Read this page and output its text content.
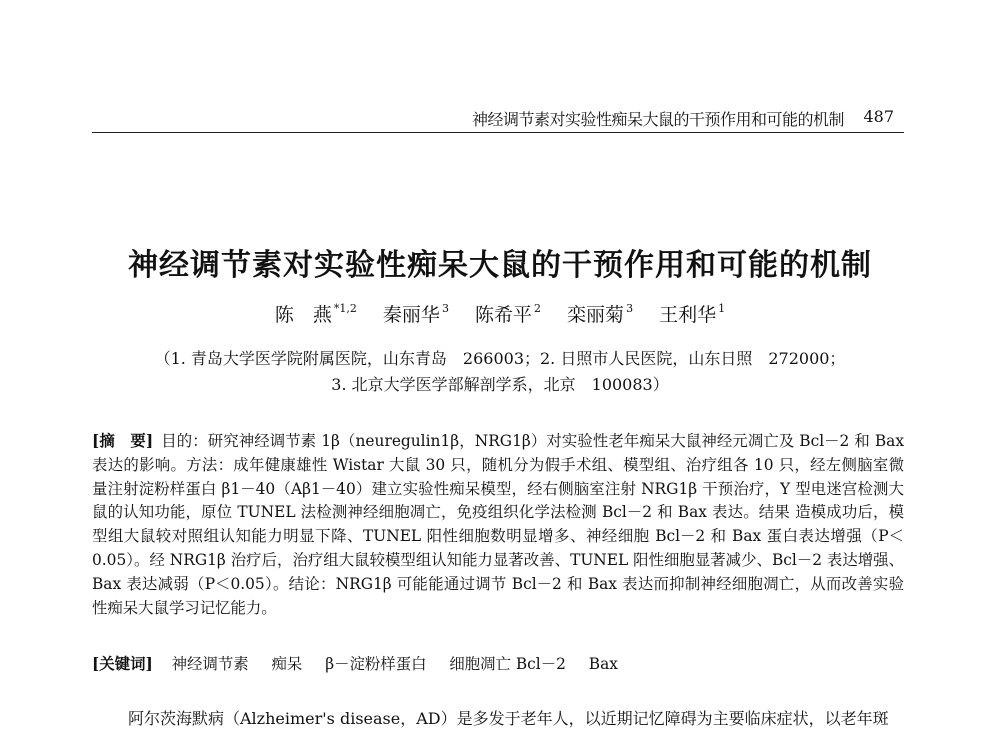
神经调节素对实验性痴呆大鼠的干预作用和可能的机制 487
神经调节素对实验性痴呆大鼠的干预作用和可能的机制
陈　燕 $^{*1,2}$ 秦丽华 $^3$ 陈希平 $^2$ 栾丽菊 $^3$ 王利华 $^1$
（1. 青岛大学医学院附属医院，山东青岛　266003；2. 日照市人民医院，山东日照　272000；
3. 北京大学医学部解剖学系，北京　100083）
[摘　要] 目的：研究神经调节素 1β（neuregulin1β，NRG1β）对实验性老年痴呆大鼠神经元凋亡及 Bcl－2 和 Bax 表达的影响。方法：成年健康雄性 Wistar 大鼠 30 只，随机分为假手术组、模型组、治疗组各 10 只，经左侧脑室微量注射淀粉样蛋白 β1－40（Aβ1－40）建立实验性痴呆模型，经右侧脑室注射 NRG1β 干预治疗，Y 型电迷宫检测大鼠的认知功能，原位 TUNEL 法检测神经细胞凋亡，免疫组织化学法检测 Bcl－2 和 Bax 表达。结果 造模成功后，模型组大鼠较对照组认知能力明显下降、TUNEL 阳性细胞数明显增多、神经细胞 Bcl－2 和 Bax 蛋白表达增强（P＜0.05）。经 NRG1β 治疗后，治疗组大鼠较模型组认知能力显著改善、TUNEL 阳性细胞显著减少、Bcl－2 表达增强、Bax 表达减弱（P＜0.05）。结论：NRG1β 可能能通过调节 Bcl－2 和 Bax 表达而抑制神经细胞凋亡，从而改善实验性痴呆大鼠学习记忆能力。
[关键词] 神经调节素 痴呆 β－淀粉样蛋白 细胞凋亡 Bcl－2 Bax
阿尔茨海默病（Alzheimer's disease，AD）是多发于老年人，以近期记忆障碍为主要临床症状，以老年斑
